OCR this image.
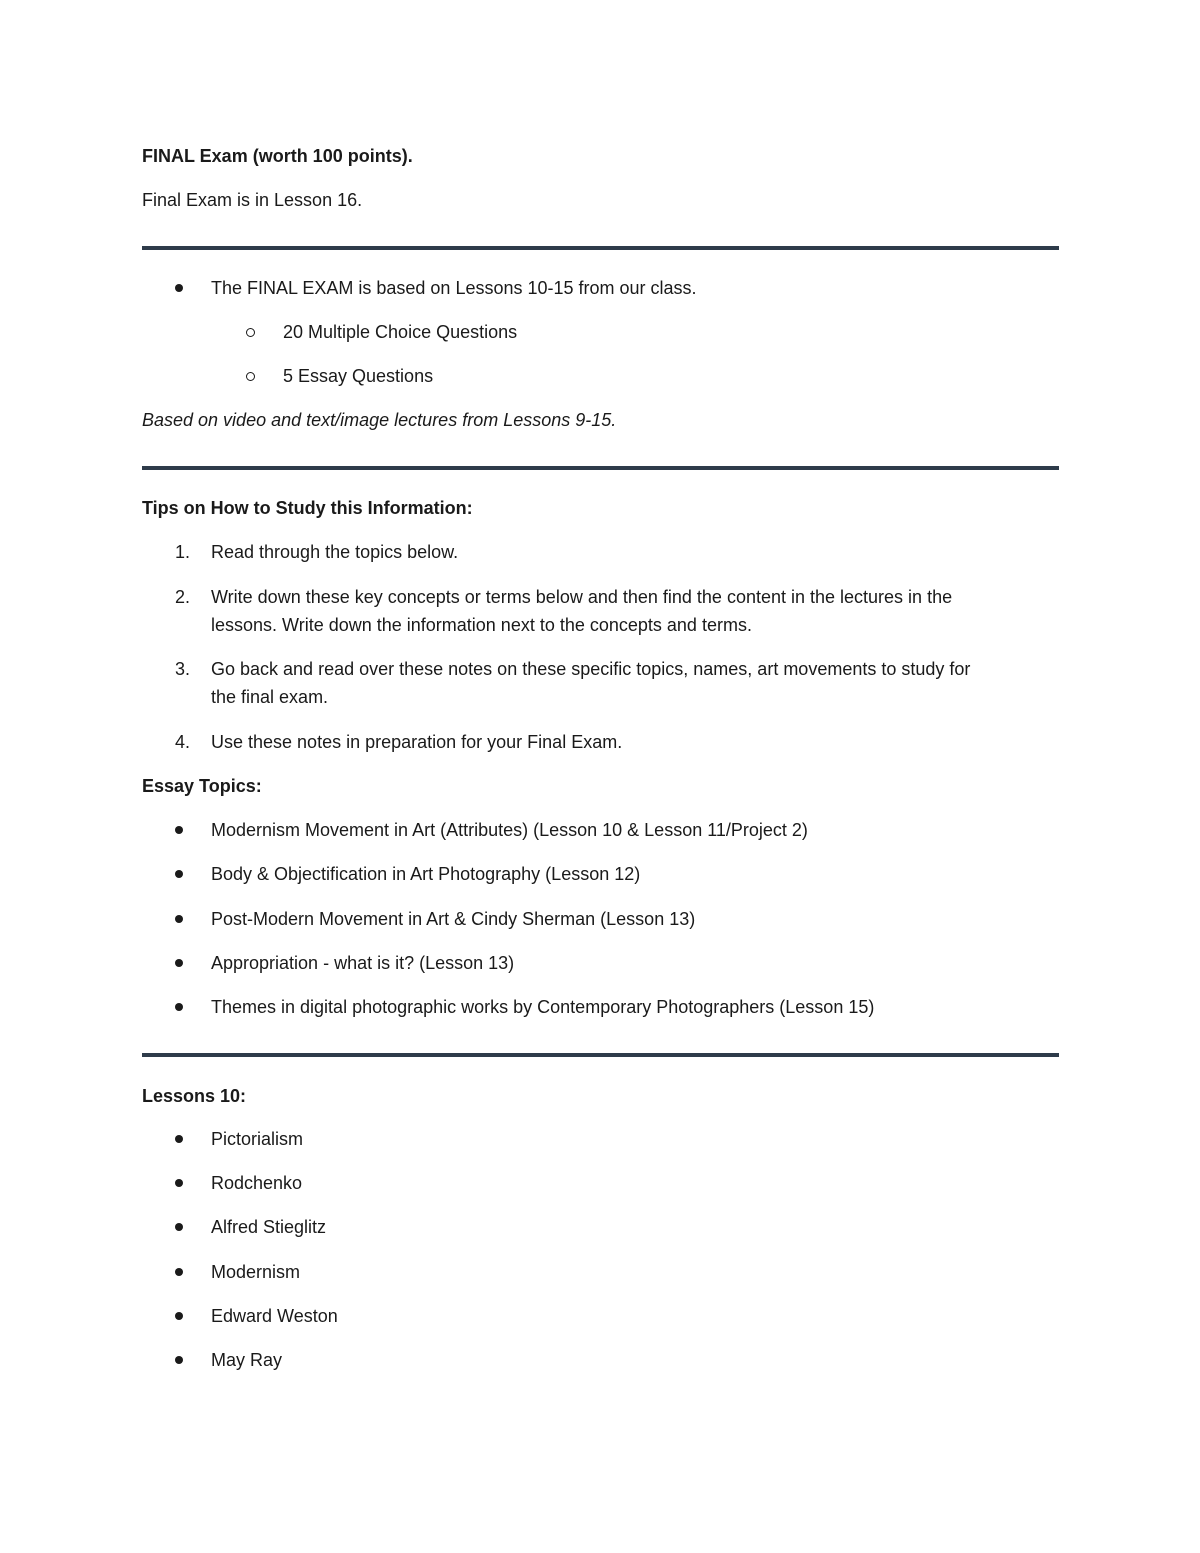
FINAL Exam (worth 100 points).
Final Exam is in Lesson 16.
The FINAL EXAM is based on Lessons 10-15 from our class.
20 Multiple Choice Questions
5 Essay Questions
Based on video and text/image lectures from Lessons 9-15.
Tips on How to Study this Information:
1. Read through the topics below.
2. Write down these key concepts or terms below and then find the content in the lectures in the
lessons. Write down the information next to the concepts and terms.
3. Go back and read over these notes on these specific topics, names, art movements to study for
the final exam.
4. Use these notes in preparation for your Final Exam.
Essay Topics:
Modernism Movement in Art (Attributes) (Lesson 10 & Lesson 11/Project 2)
Body & Objectification in Art Photography (Lesson 12)
Post-Modern Movement in Art & Cindy Sherman (Lesson 13)
Appropriation - what is it? (Lesson 13)
Themes in digital photographic works by Contemporary Photographers (Lesson 15)
Lessons 10:
Pictorialism
Rodchenko
Alfred Stieglitz
Modernism
Edward Weston
May Ray
